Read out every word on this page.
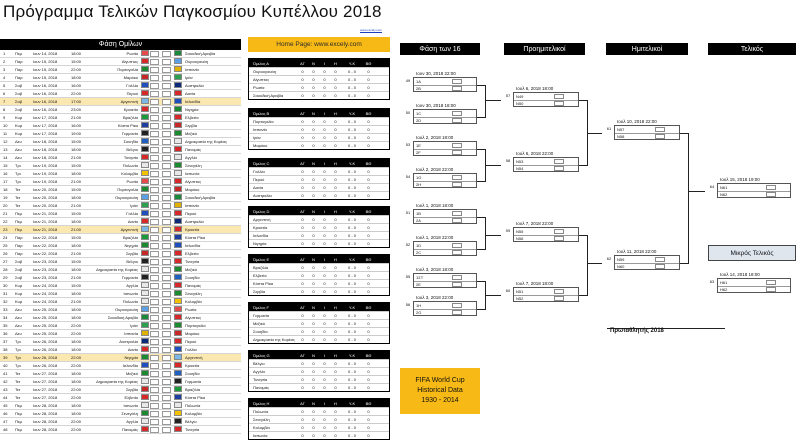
Πρόγραμμα Τελικών Παγκοσμίου Κυπέλλου 2018
www.excely.com
Φάση Ομίλων
1	Πεμ	Ιουν 14, 2018	18:00	Ρωσία	Σαουδική Αραβία
2	Παρ	Ιουν 15, 2018	15:00	Αίγυπτος	Ουρουγουάη
3	Παρ	Ιουν 15, 2018	22:00	Πορτογαλία	Ισπανία
4	Παρ	Ιουν 15, 2018	18:00	Μαρόκο	Ιράν
5	Σαβ	Ιουν 16, 2018	16:00	Γαλλία	Αυστραλία
6	Σαβ	Ιουν 16, 2018	22:00	Περού	Δανία
7	Σαβ	Ιουν 16, 2018	17:00	Αργεντινή	Ισλανδία
8	Σαβ	Ιουν 16, 2018	23:00	Κροατία	Νιγηρία
9	Κυρ	Ιουν 17, 2018	21:00	Βραζιλία	Ελβετία
10	Κυρ	Ιουν 17, 2018	16:00	Κόστα Ρίκα	Σερβία
11	Κυρ	Ιουν 17, 2018	19:00	Γερμανία	Μεξικό
12	Δευ	Ιουν 18, 2018	15:00	Σουηδία	Δημοκρατία της Κορέας
13	Δευ	Ιουν 18, 2018	18:00	Βέλγιο	Παναμάς
14	Δευ	Ιουν 18, 2018	21:00	Τυνησία	Αγγλία
15	Τρι	Ιουν 19, 2018	15:00	Πολωνία	Σενεγάλη
16	Τρι	Ιουν 19, 2018	18:00	Κολομβία	Ιαπωνία
17	Τρι	Ιουν 19, 2018	21:00	Ρωσία	Αίγυπτος
18	Τετ	Ιουν 20, 2018	15:00	Πορτογαλία	Μαρόκο
19	Τετ	Ιουν 20, 2018	18:00	Ουρουγουάη	Σαουδική Αραβία
20	Τετ	Ιουν 20, 2018	21:00	Ιράν	Ισπανία
21	Πεμ	Ιουν 21, 2018	15:00	Γαλλία	Περού
22	Πεμ	Ιουν 21, 2018	18:00	Δανία	Αυστραλία
23	Πεμ	Ιουν 21, 2018	21:00	Αργεντινή	Κροατία
24	Παρ	Ιουν 22, 2018	15:00	Βραζιλία	Κόστα Ρίκα
25	Παρ	Ιουν 22, 2018	18:00	Νιγηρία	Ισλανδία
26	Παρ	Ιουν 22, 2018	21:00	Σερβία	Ελβετία
27	Σαβ	Ιουν 23, 2018	15:00	Βέλγιο	Τυνησία
28	Σαβ	Ιουν 23, 2018	18:00	Δημοκρατία της Κορέας	Μεξικό
29	Σαβ	Ιουν 23, 2018	21:00	Γερμανία	Σουηδία
30	Κυρ	Ιουν 24, 2018	15:00	Αγγλία	Παναμάς
31	Κυρ	Ιουν 24, 2018	18:00	Ιαπωνία	Σενεγάλη
32	Κυρ	Ιουν 24, 2018	21:00	Πολωνία	Κολομβία
33	Δευ	Ιουν 25, 2018	18:00	Ουρουγουάη	Ρωσία
34	Δευ	Ιουν 25, 2018	18:00	Σαουδική Αραβία	Αίγυπτος
35	Δευ	Ιουν 25, 2018	22:00	Ιράν	Πορτογαλία
36	Δευ	Ιουν 25, 2018	22:00	Ισπανία	Μαρόκο
37	Τρι	Ιουν 26, 2018	18:00	Αυστραλία	Περού
38	Τρι	Ιουν 26, 2018	18:00	Δανία	Γαλλία
39	Τρι	Ιουν 26, 2018	22:00	Νιγηρία	Αργεντινή
40	Τρι	Ιουν 26, 2018	22:00	Ισλανδία	Κροατία
41	Τετ	Ιουν 27, 2018	18:00	Μεξικό	Σουηδία
42	Τετ	Ιουν 27, 2018	18:00	Δημοκρατία της Κορέας	Γερμανία
43	Τετ	Ιουν 27, 2018	22:00	Σερβία	Βραζιλία
44	Τετ	Ιουν 27, 2018	22:00	Ελβετία	Κόστα Ρίκα
45	Πεμ	Ιουν 28, 2018	18:00	Ιαπωνία	Πολωνία
46	Πεμ	Ιουν 28, 2018	18:00	Σενεγάλη	Κολομβία
47	Πεμ	Ιουν 28, 2018	22:00	Αγγλία	Βέλγιο
48	Πεμ	Ιουν 28, 2018	22:00	Παναμάς	Τυνησία
Home Page: www.excely.com
Όμιλος Α	ΑΓ	Ν	Ι	Η	Υ-Κ	ΒΘ
Ουρουγουάη	0	0	0	0	0 - 0	0
Αίγυπτος	0	0	0	0	0 - 0	0
Ρωσία	0	0	0	0	0 - 0	0
Σαουδική Αραβία	0	0	0	0	0 - 0	0
Όμιλος Β	ΑΓ	Ν	Ι	Η	Υ-Κ	ΒΘ
Πορτογαλία	0	0	0	0	0 - 0	0
Ισπανία	0	0	0	0	0 - 0	0
Ιράν	0	0	0	0	0 - 0	0
Μαρόκο	0	0	0	0	0 - 0	0
Όμιλος C	ΑΓ	Ν	Ι	Η	Υ-Κ	ΒΘ
Γαλλία	0	0	0	0	0 - 0	0
Περού	0	0	0	0	0 - 0	0
Δανία	0	0	0	0	0 - 0	0
Αυστραλία	0	0	0	0	0 - 0	0
Όμιλος D	ΑΓ	Ν	Ι	Η	Υ-Κ	ΒΘ
Αργεντινή	0	0	0	0	0 - 0	0
Κροατία	0	0	0	0	0 - 0	0
Ισλανδία	0	0	0	0	0 - 0	0
Νιγηρία	0	0	0	0	0 - 0	0
Όμιλος E	ΑΓ	Ν	Ι	Η	Υ-Κ	ΒΘ
Βραζιλία	0	0	0	0	0 - 0	0
Ελβετία	0	0	0	0	0 - 0	0
Κόστα Ρίκα	0	0	0	0	0 - 0	0
Σερβία	0	0	0	0	0 - 0	0
Όμιλος F	ΑΓ	Ν	Ι	Η	Υ-Κ	ΒΘ
Γερμανία	0	0	0	0	0 - 0	0
Μεξικό	0	0	0	0	0 - 0	0
Σουηδία	0	0	0	0	0 - 0	0
Δημοκρατία της Κορέας	0	0	0	0	0 - 0	0
Όμιλος G	ΑΓ	Ν	Ι	Η	Υ-Κ	ΒΘ
Βέλγιο	0	0	0	0	0 - 0	0
Αγγλία	0	0	0	0	0 - 0	0
Τυνησία	0	0	0	0	0 - 0	0
Παναμάς	0	0	0	0	0 - 0	0
Όμιλος H	ΑΓ	Ν	Ι	Η	Υ-Κ	ΒΘ
Πολωνία	0	0	0	0	0 - 0	0
Σενεγάλη	0	0	0	0	0 - 0	0
Κολομβία	0	0	0	0	0 - 0	0
Ιαπωνία	0	0	0	0	0 - 0	0
FIFA World Cup
Historical Data
1930 - 2014
Φάση των 16	Προημιτελικοί	Ημιτελικοί	Τελικός
Μικρός Τελικός
Ιουν 30, 2018 22:00
49	1A
2B
Ιουν 30, 2018 18:00
50	1C
2D
Ιουλ 2, 2018 18:00
53	1E
2F
Ιουλ 2, 2018 22:00
54	1G
2H
Ιουλ 1, 2018 18:00
51	1B
2A
Ιουλ 1, 2018 22:00
52	1D
2C
Ιουλ 3, 2018 18:00
55	1ΣΤ
2Ε
Ιουλ 3, 2018 22:00
56	1H
2G
Ιουλ 6, 2018 18:00
57	N49
N50
Ιουλ 6, 2018 22:00
58	N53
N54
Ιουλ 7, 2018 22:00
59	N55
N56
Ιουλ 7, 2018 18:00
60	N51
N52
Ιουλ 10, 2018 22:00
61	N57
N58
Ιουλ 11, 2018 22:00
62	N59
N60
Ιουλ 15, 2018 19:00
64	N61
N62
Ιουλ 14, 2018 18:00
63	Η61
Η62
Πρωταθλητής 2018
